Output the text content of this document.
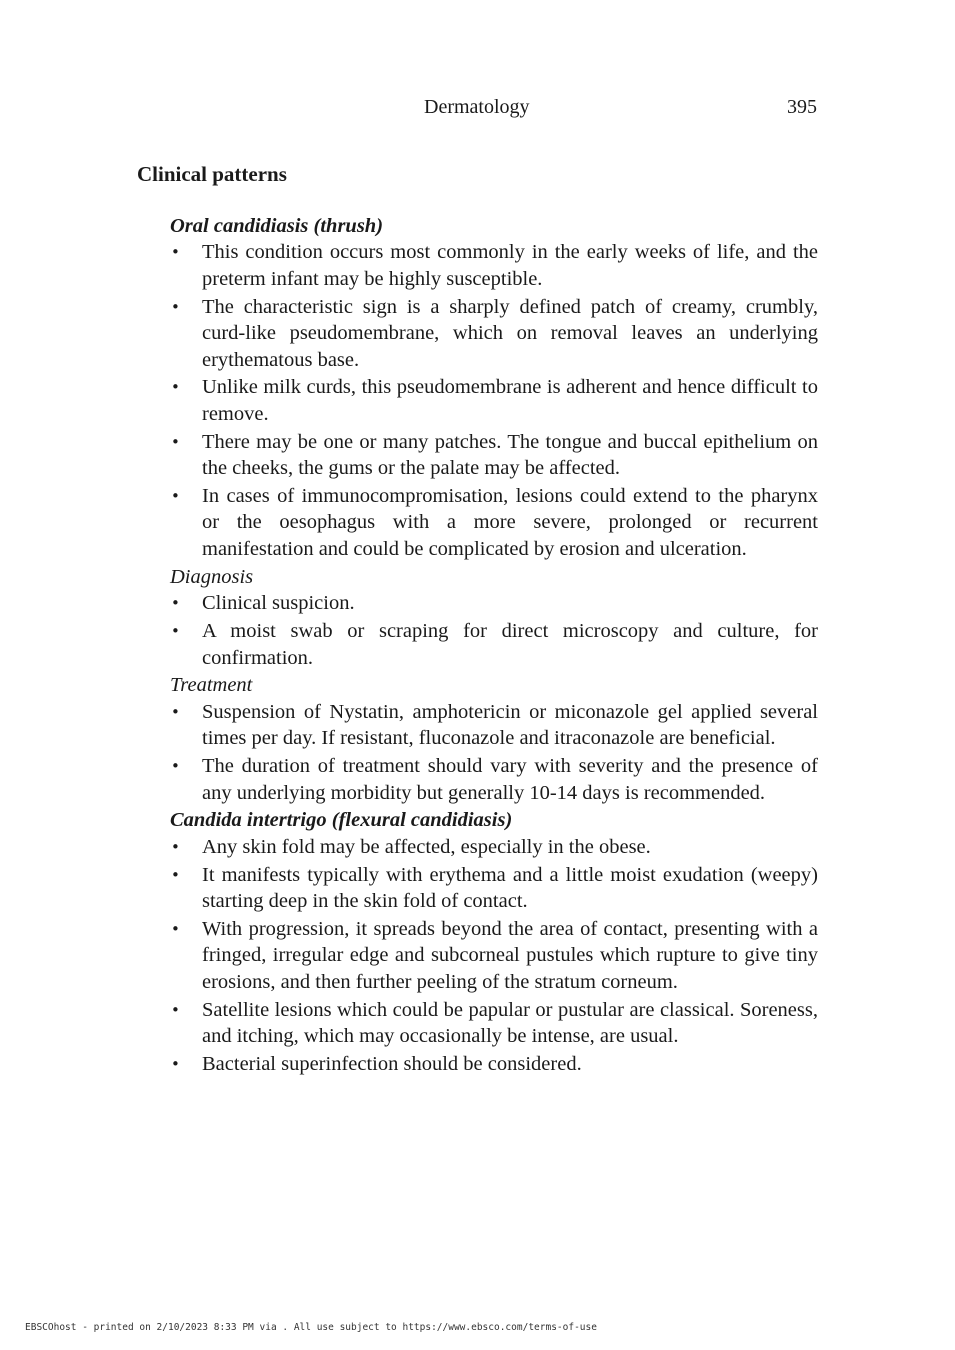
Dermatology	395
Clinical patterns

Oral candidiasis (thrush)

• This condition occurs most commonly in the early weeks of life, and the preterm infant may be highly susceptible.
• The characteristic sign is a sharply defined patch of creamy, crumbly, curd-like pseudomembrane, which on removal leaves an underlying erythematous base.
• Unlike milk curds, this pseudomembrane is adherent and hence difficult to remove.
• There may be one or many patches. The tongue and buccal epithelium on the cheeks, the gums or the palate may be affected.
• In cases of immunocompromisation, lesions could extend to the pharynx or the oesophagus with a more severe, prolonged or recurrent manifestation and could be complicated by erosion and ulceration.

Diagnosis

• Clinical suspicion.
• A moist swab or scraping for direct microscopy and culture, for confirmation.

Treatment

• Suspension of Nystatin, amphotericin or miconazole gel applied several times per day. If resistant, fluconazole and itraconazole are beneficial.
• The duration of treatment should vary with severity and the presence of any underlying morbidity but generally 10-14 days is recommended.

Candida intertrigo (flexural candidiasis)

• Any skin fold may be affected, especially in the obese.
• It manifests typically with erythema and a little moist exudation (weepy) starting deep in the skin fold of contact.
• With progression, it spreads beyond the area of contact, presenting with a fringed, irregular edge and subcorneal pustules which rupture to give tiny erosions, and then further peeling of the stratum corneum.
• Satellite lesions which could be papular or pustular are classical. Soreness, and itching, which may occasionally be intense, are usual.
• Bacterial superinfection should be considered.
EBSCOhost - printed on 2/10/2023 8:33 PM via . All use subject to https://www.ebsco.com/terms-of-use
